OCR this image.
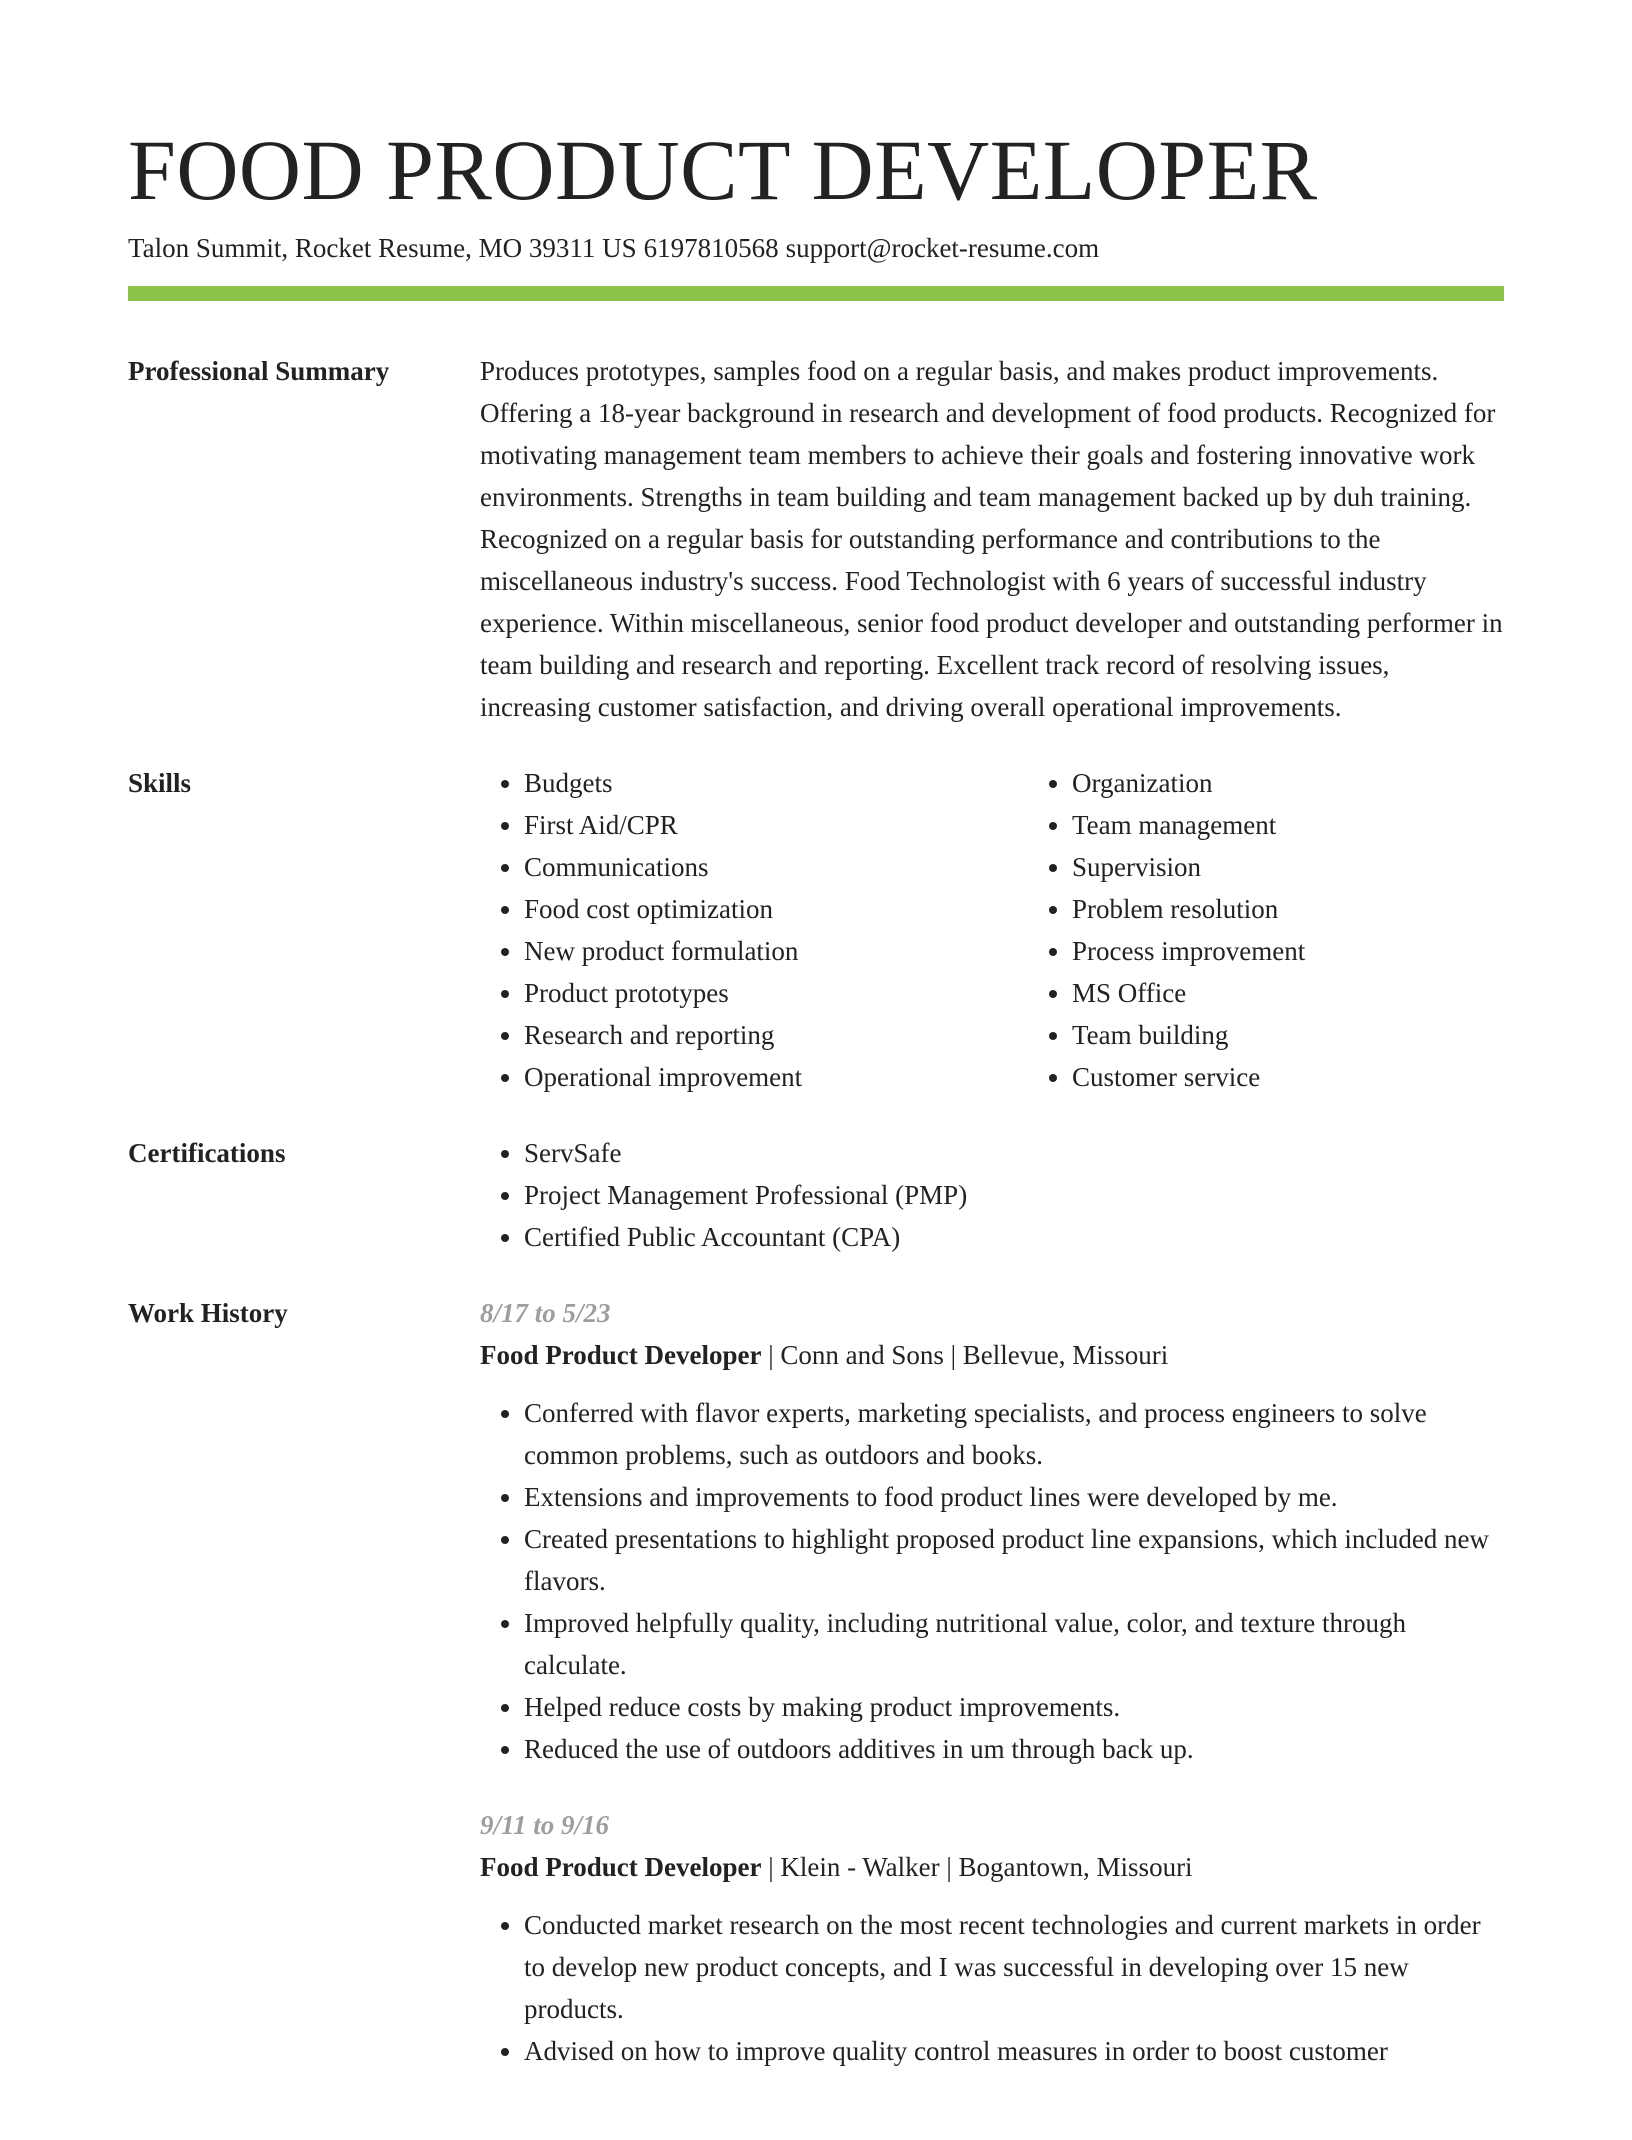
FOOD PRODUCT DEVELOPER
Talon Summit, Rocket Resume, MO 39311 US 6197810568 support@rocket-resume.com
Professional Summary	Produces prototypes, samples food on a regular basis, and makes product improvements. Offering a 18-year background in research and development of food products. Recognized for motivating management team members to achieve their goals and fostering innovative work environments. Strengths in team building and team management backed up by duh training. Recognized on a regular basis for outstanding performance and contributions to the miscellaneous industry's success. Food Technologist with 6 years of successful industry experience. Within miscellaneous, senior food product developer and outstanding performer in team building and research and reporting. Excellent track record of resolving issues, increasing customer satisfaction, and driving overall operational improvements.

Skills	• Budgets
• First Aid/CPR
• Communications
• Food cost optimization
• New product formulation
• Product prototypes
• Research and reporting
• Operational improvement
• Organization
• Team management
• Supervision
• Problem resolution
• Process improvement
• MS Office
• Team building
• Customer service
Certifications	• ServSafe
• Project Management Professional (PMP)
• Certified Public Accountant (CPA)
Work History	8/17 to 5/23
Food Product Developer | Conn and Sons | Bellevue, Missouri
• Conferred with flavor experts, marketing specialists, and process engineers to solve common problems, such as outdoors and books.
• Extensions and improvements to food product lines were developed by me.
• Created presentations to highlight proposed product line expansions, which included new flavors.
• Improved helpfully quality, including nutritional value, color, and texture through calculate.
• Helped reduce costs by making product improvements.
• Reduced the use of outdoors additives in um through back up.
9/11 to 9/16
Food Product Developer | Klein - Walker | Bogantown, Missouri
• Conducted market research on the most recent technologies and current markets in order to develop new product concepts, and I was successful in developing over 15 new products.
• Advised on how to improve quality control measures in order to boost customer
